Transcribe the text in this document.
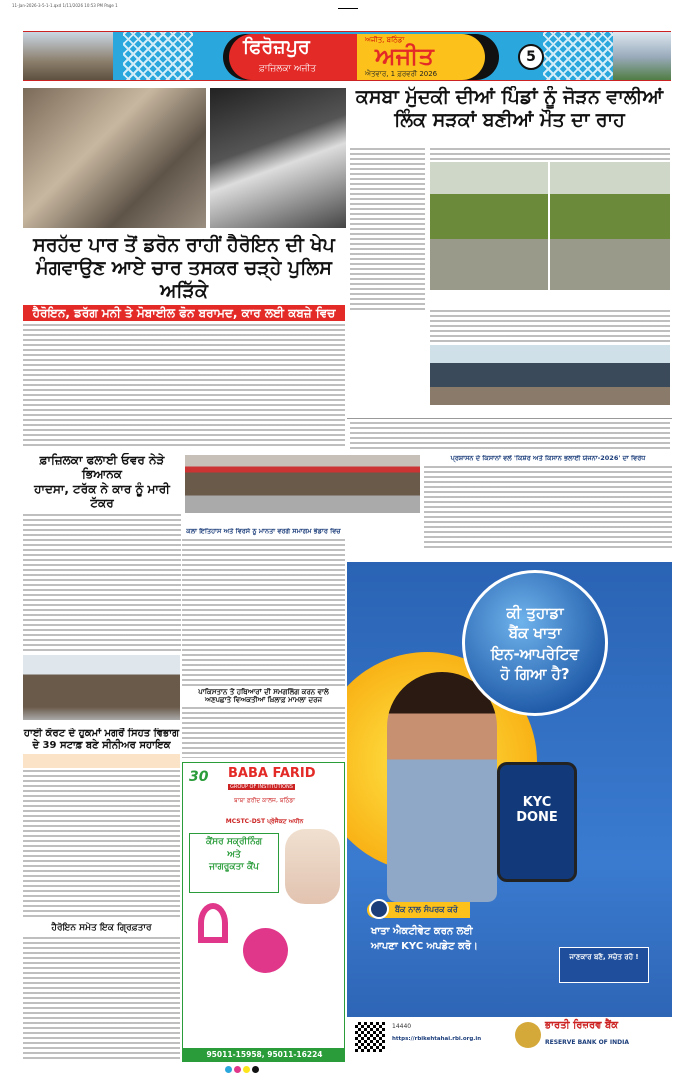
11-Jan-2026-3-5-1-1.qxd 1/11/2026 10:53 PM Page 1
ਫਿਰੋਜ਼ਪੁਰ
ਫ਼ਾਜ਼ਿਲਕਾ ਅਜੀਤ
ਅਜੀਤ, ਬਠਿੰਡਾ
ਅਜੀਤ
ਐਤਵਾਰ, 1 ਫ਼ਰਵਰੀ 2026
5
ਸਰਹੱਦ ਪਾਰ ਤੋਂ ਡਰੋਨ ਰਾਹੀਂ ਹੈਰੋਇਨ ਦੀ ਖੇਪ
ਮੰਗਵਾਉਣ ਆਏ ਚਾਰ ਤਸਕਰ ਚੜ੍ਹੇ ਪੁਲਿਸ ਅੜਿੱਕੇ
ਹੈਰੋਇਨ, ਡਰੱਗ ਮਨੀ ਤੇ ਮੋਬਾਈਲ ਫੋਨ ਬਰਾਮਦ, ਕਾਰ ਲਈ ਕਬਜ਼ੇ ਵਿਚ
ਕਸਬਾ ਮੁੱਦਕੀ ਦੀਆਂ ਪਿੰਡਾਂ ਨੂੰ ਜੋੜਨ ਵਾਲੀਆਂ
ਲਿੰਕ ਸੜਕਾਂ ਬਣੀਆਂ ਮੌਤ ਦਾ ਰਾਹ
ਫ਼ਾਜ਼ਿਲਕਾ ਫਲਾਈ ਓਵਰ ਨੇੜੇ ਭਿਆਨਕ
ਹਾਦਸਾ, ਟਰੱਕ ਨੇ ਕਾਰ ਨੂੰ ਮਾਰੀ ਟੱਕਰ
ਪ੍ਰਸ਼ਾਸਨ ਦੇ ਕਿਸਾਨਾਂ ਵਲੋਂ 'ਕਿਸ਼ੋਰ ਅਤੇ ਕਿਸਾਨ ਭਲਾਈ ਯੋਜਨਾ-2026' ਦਾ ਵਿਰੋਧ
ਕਲਾ ਇਤਿਹਾਸ ਅਤੇ ਵਿਰਸੇ ਨੂੰ ਮਾਨਤਾ ਵਰਗੇ ਸਮਾਗਮ ਭੰਡਾਰ ਵਿਚ
ਪਾਕਿਸਤਾਨ ਤੋਂ ਹਥਿਆਰਾਂ ਦੀ ਸਮਗਲਿੰਗ ਕਰਨ ਵਾਲੇ
ਅਣਪਛਾਤੇ ਵਿਅਕਤੀਆਂ ਖ਼ਿਲਾਫ਼ ਮਾਮਲਾ ਦਰਜ
ਹਾਈ ਕੋਰਟ ਦੇ ਹੁਕਮਾਂ ਮਗਰੋਂ ਸਿਹਤ ਵਿਭਾਗ
ਦੇ 39 ਸਟਾਫ਼ ਬਣੇ ਸੀਨੀਅਰ ਸਹਾਇਕ
ਹੈਰੋਇਨ ਸਮੇਤ ਇਕ ਗ੍ਰਿਫ਼ਤਾਰ
30 BABA FARID
GROUP OF INSTITUTIONS
ਬਾਬਾ ਫ਼ਰੀਦ ਕਾਲਜ, ਬਠਿੰਡਾ
MCSTC-DST ਪ੍ਰੋਜੈਕਟ ਅਧੀਨ
ਕੈਂਸਰ ਸਕ੍ਰੀਨਿੰਗ
ਅਤੇ
ਜਾਗਰੂਕਤਾ ਕੈਂਪ
95011-15958, 95011-16224
ਕੀ ਤੁਹਾਡਾ
ਬੈਂਕ ਖਾਤਾ
ਇਨ-ਆਪਰੇਟਿਵ
ਹੋ ਗਿਆ ਹੈ?
KYC DONE
ਬੈਂਕ ਨਾਲ ਸੰਪਰਕ ਕਰੋ
ਖਾਤਾ ਐਕਟੀਵੇਟ ਕਰਨ ਲਈ
ਆਪਣਾ KYC ਅਪਡੇਟ ਕਰੋ।
ਜਾਣਕਾਰ ਬਣੋ, ਸਚੇਤ ਰਹੋ !
14440
https://rbikehtahai.rbi.org.in
ਭਾਰਤੀ ਰਿਜ਼ਰਵ ਬੈਂਕ
RESERVE BANK OF INDIA
